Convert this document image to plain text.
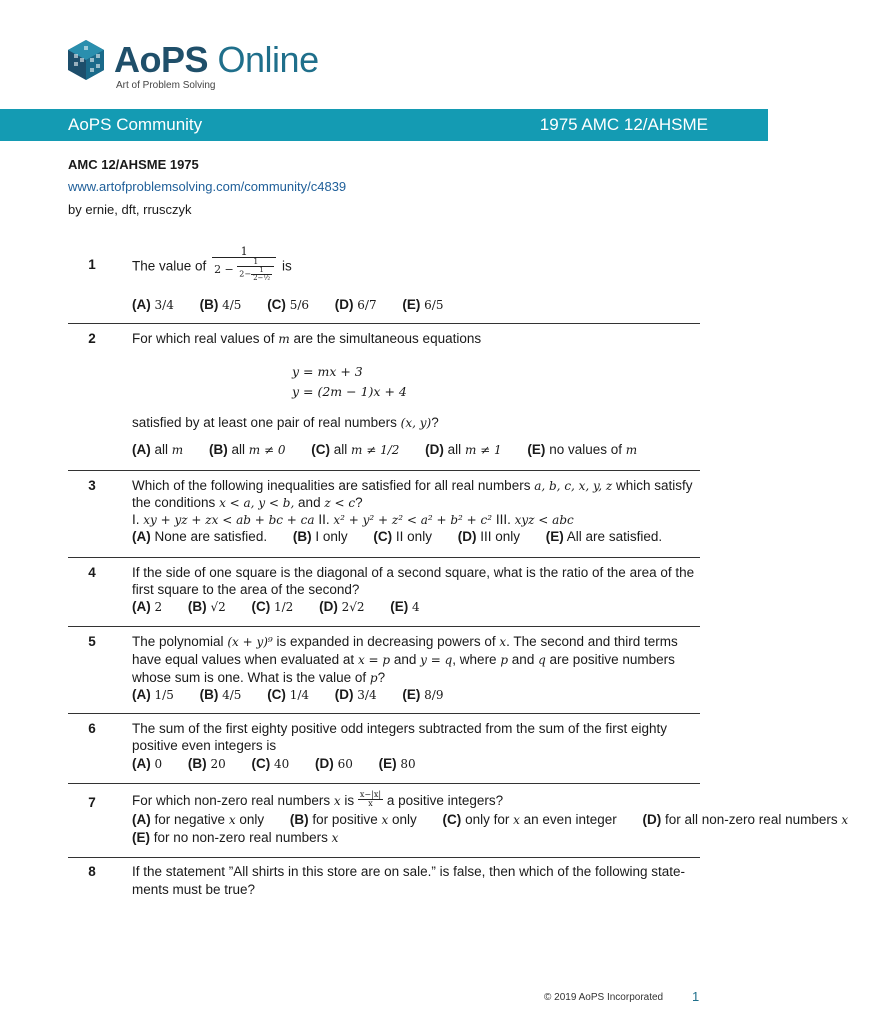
AoPS Online
Art of Problem Solving
AoPS Community	1975 AMC 12/AHSME
AMC 12/AHSME 1975
www.artofproblemsolving.com/community/c4839
by ernie, dft, rrusczyk
1	The value of $\frac{1}{2 - \frac{1}{2- \frac{1}{\text{2−½}}}}$ is
(A) 3/4 (B) 4/5 (C) 5/6 (D) 6/7 (E) 6/5
2	For which real values of m are the simultaneous equations
satisfied by at least one pair of real numbers (x, y)?
(A) all m (B) all m ≠ 0 (C) all m ≠ 1/2 (D) all m ≠ 1 (E) no values of m
y = mx + 3
y = (2m − 1)x + 4
3	Which of the following inequalities are satisfied for all real numbers a, b, c, x, y, z which satisfy
the conditions x < a, y < b, and z < c?
I. xy + yz + zx < ab + bc + ca II. x² + y² + z² < a² + b² + c² III. xyz < abc
(A) None are satisfied. (B) I only (C) II only (D) III only (E) All are satisfied.
4	If the side of one square is the diagonal of a second square, what is the ratio of the area of the
first square to the area of the second?
(A) 2 (B) √2 (C) 1/2 (D) 2√2 (E) 4
5	The polynomial (x + y)⁹ is expanded in decreasing powers of x. The second and third terms
have equal values when evaluated at x = p and y = q, where p and q are positive numbers
whose sum is one. What is the value of p?
(A) 1/5 (B) 4/5 (C) 1/4 (D) 3/4 (E) 8/9
6	The sum of the first eighty positive odd integers subtracted from the sum of the first eighty
positive even integers is
(A) 0 (B) 20 (C) 40 (D) 60 (E) 80
7	For which non-zero real numbers x is $\frac{x-|x|}{x}$ a positive integers?
(A) for negative x only (B) for positive x only (C) only for x an even integer (D) for all non-zero real numbers x
(E) for no non-zero real numbers x
8	If the statement ”All shirts in this store are on sale.” is false, then which of the following state-
ments must be true?
© 2019 AoPS Incorporated 1
